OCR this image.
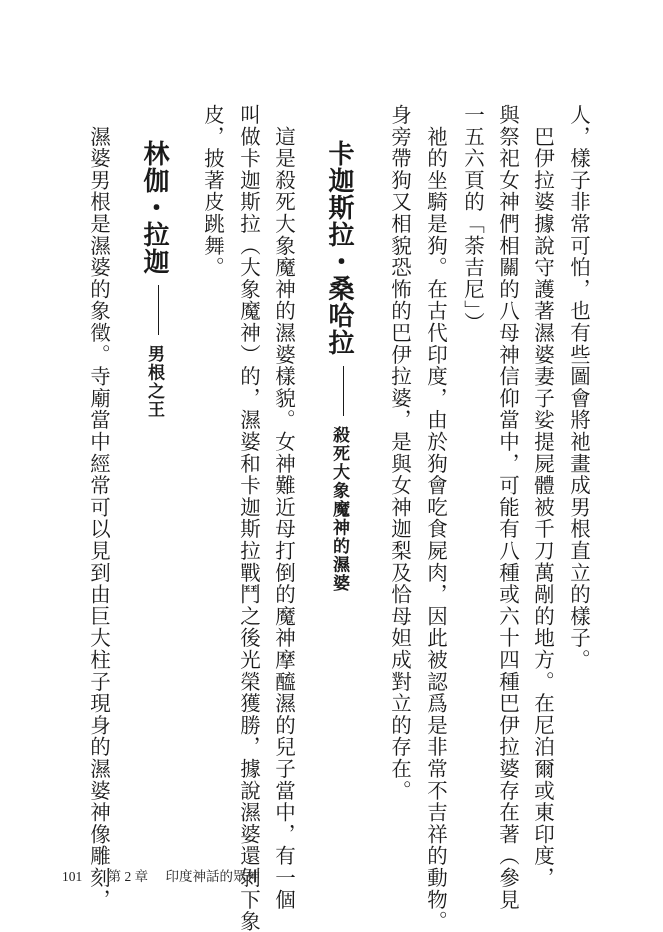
人，樣子非常可怕，也有些圖會將祂畫成男根直立的樣子。

　巴伊拉婆據說守護著濕婆妻子娑提屍體被千刀萬剮的地方。在尼泊爾或東印度，

與祭祀女神們相關的八母神信仰當中，可能有八種或六十四種巴伊拉婆存在著（參見

一五六頁的「荼吉尼」）

　祂的坐騎是狗。在古代印度，由於狗會吃食屍肉，因此被認爲是非常不吉祥的動物。

身旁帶狗又相貌恐怖的巴伊拉婆，是與女神迦梨及恰母妲成對立的存在。

卡迦斯拉・桑哈拉殺死大象魔神的濕婆

　這是殺死大象魔神的濕婆樣貌。女神難近母打倒的魔神摩醯濕的兒子當中，有一個

叫做卡迦斯拉（大象魔神）的，濕婆和卡迦斯拉戰鬥之後光榮獲勝，據說濕婆還剝下象

皮，披著皮跳舞。

林伽・拉迦男根之王

　濕婆男根是濕婆的象徵。寺廟當中經常可以見到由巨大柱子現身的濕婆神像雕刻，

101 第 2 章 印度神話的眾神
